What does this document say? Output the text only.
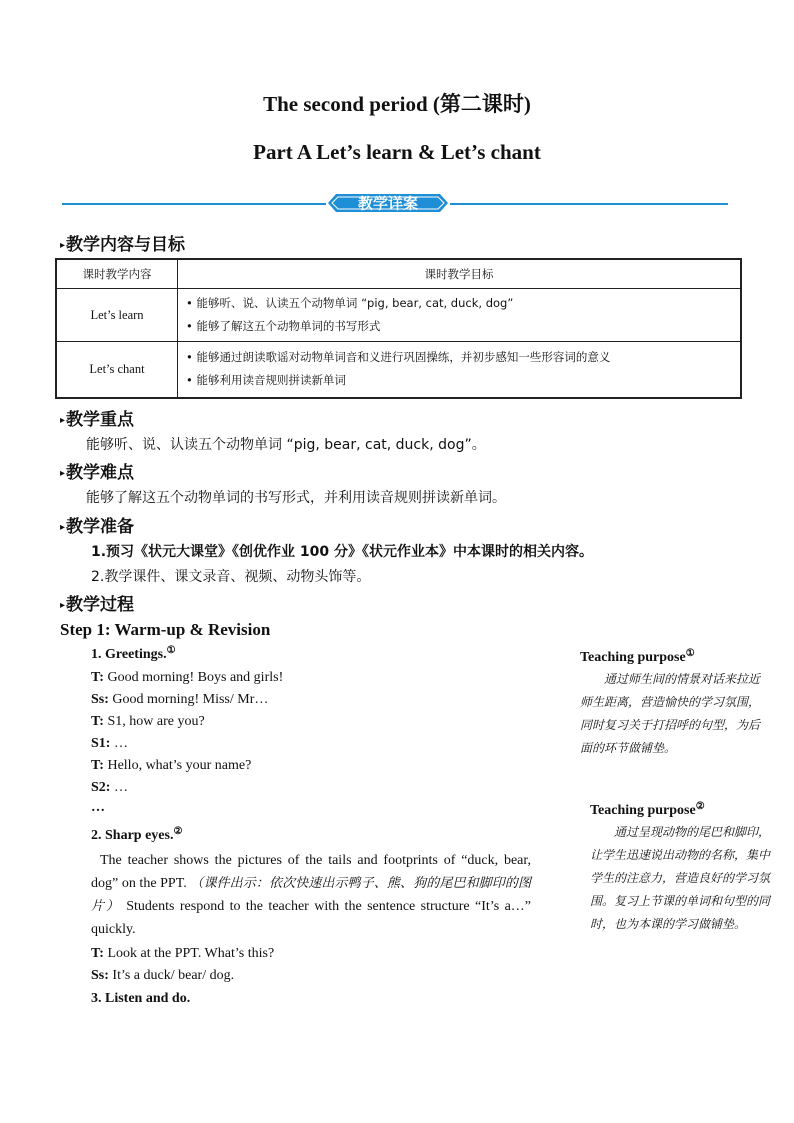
The second period (第二课时)
Part A Let’s learn & Let’s chant
教学详案
▸教学内容与目标
课时教学内容	课时教学目标
Let’s learn	• 能够听、说、认读五个动物单词 “pig, bear, cat, duck, dog”
• 能够了解这五个动物单词的书写形式

Let’s chant	• 能够通过朗读歌谣对动物单词音和义进行巩固操练，并初步感知一些形容词的意义
• 能够利用读音规则拼读新单词
▸教学重点
能够听、说、认读五个动物单词 “pig, bear, cat, duck, dog”。
▸教学难点
能够了解这五个动物单词的书写形式，并利用读音规则拼读新单词。
▸教学准备
1.预习《状元大课堂》《创优作业 100 分》《状元作业本》中本课时的相关内容。
2.教学课件、课文录音、视频、动物头饰等。
▸教学过程
Step 1: Warm-up & Revision
1. Greetings.①
T: Good morning! Boys and girls!
Ss: Good morning! Miss/ Mr…
T: S1, how are you?
S1: …
T: Hello, what’s your name?
S2: …
…
2. Sharp eyes.②
The teacher shows the pictures of the tails and footprints of “duck, bear, dog” on the PPT. （课件出示：依次快速出示鸭子、熊、狗的尾巴和脚印的图片） Students respond to the teacher with the sentence structure “It’s a…” quickly.
T: Look at the PPT. What’s this?
Ss: It’s a duck/ bear/ dog.
3. Listen and do.
Teaching purpose①
通过师生间的情景对话来拉近师生距离，营造愉快的学习氛围，同时复习关于打招呼的句型，为后面的环节做铺垫。
Teaching purpose②
通过呈现动物的尾巴和脚印，让学生迅速说出动物的名称，集中学生的注意力，营造良好的学习氛围。复习上节课的单词和句型的同时，也为本课的学习做铺垫。
